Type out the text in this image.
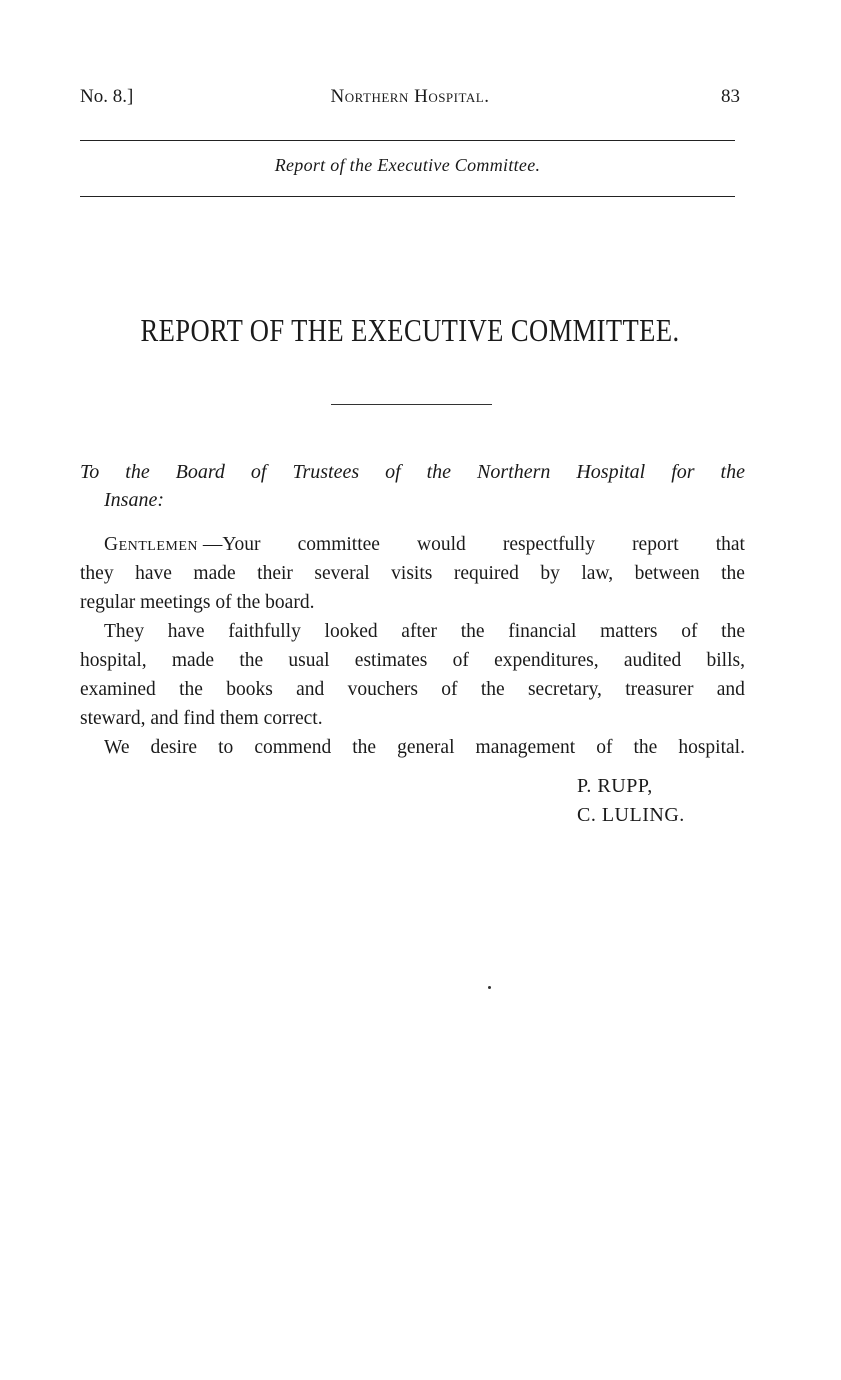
No. 8.]	Northern Hospital.	83
Report of the Executive Committee.
REPORT OF THE EXECUTIVE COMMITTEE.
To the Board of Trustees of the Northern Hospital for the
Insane:
Gentlemen — Your committee would respectfully report that
they have made their several visits required by law, between the
regular meetings of the board.
They have faithfully looked after the financial matters of the
hospital, made the usual estimates of expenditures, audited bills,
examined the books and vouchers of the secretary, treasurer and
steward, and find them correct.
We desire to commend the general management of the hospital.
P. RUPP,
C. LULING.
